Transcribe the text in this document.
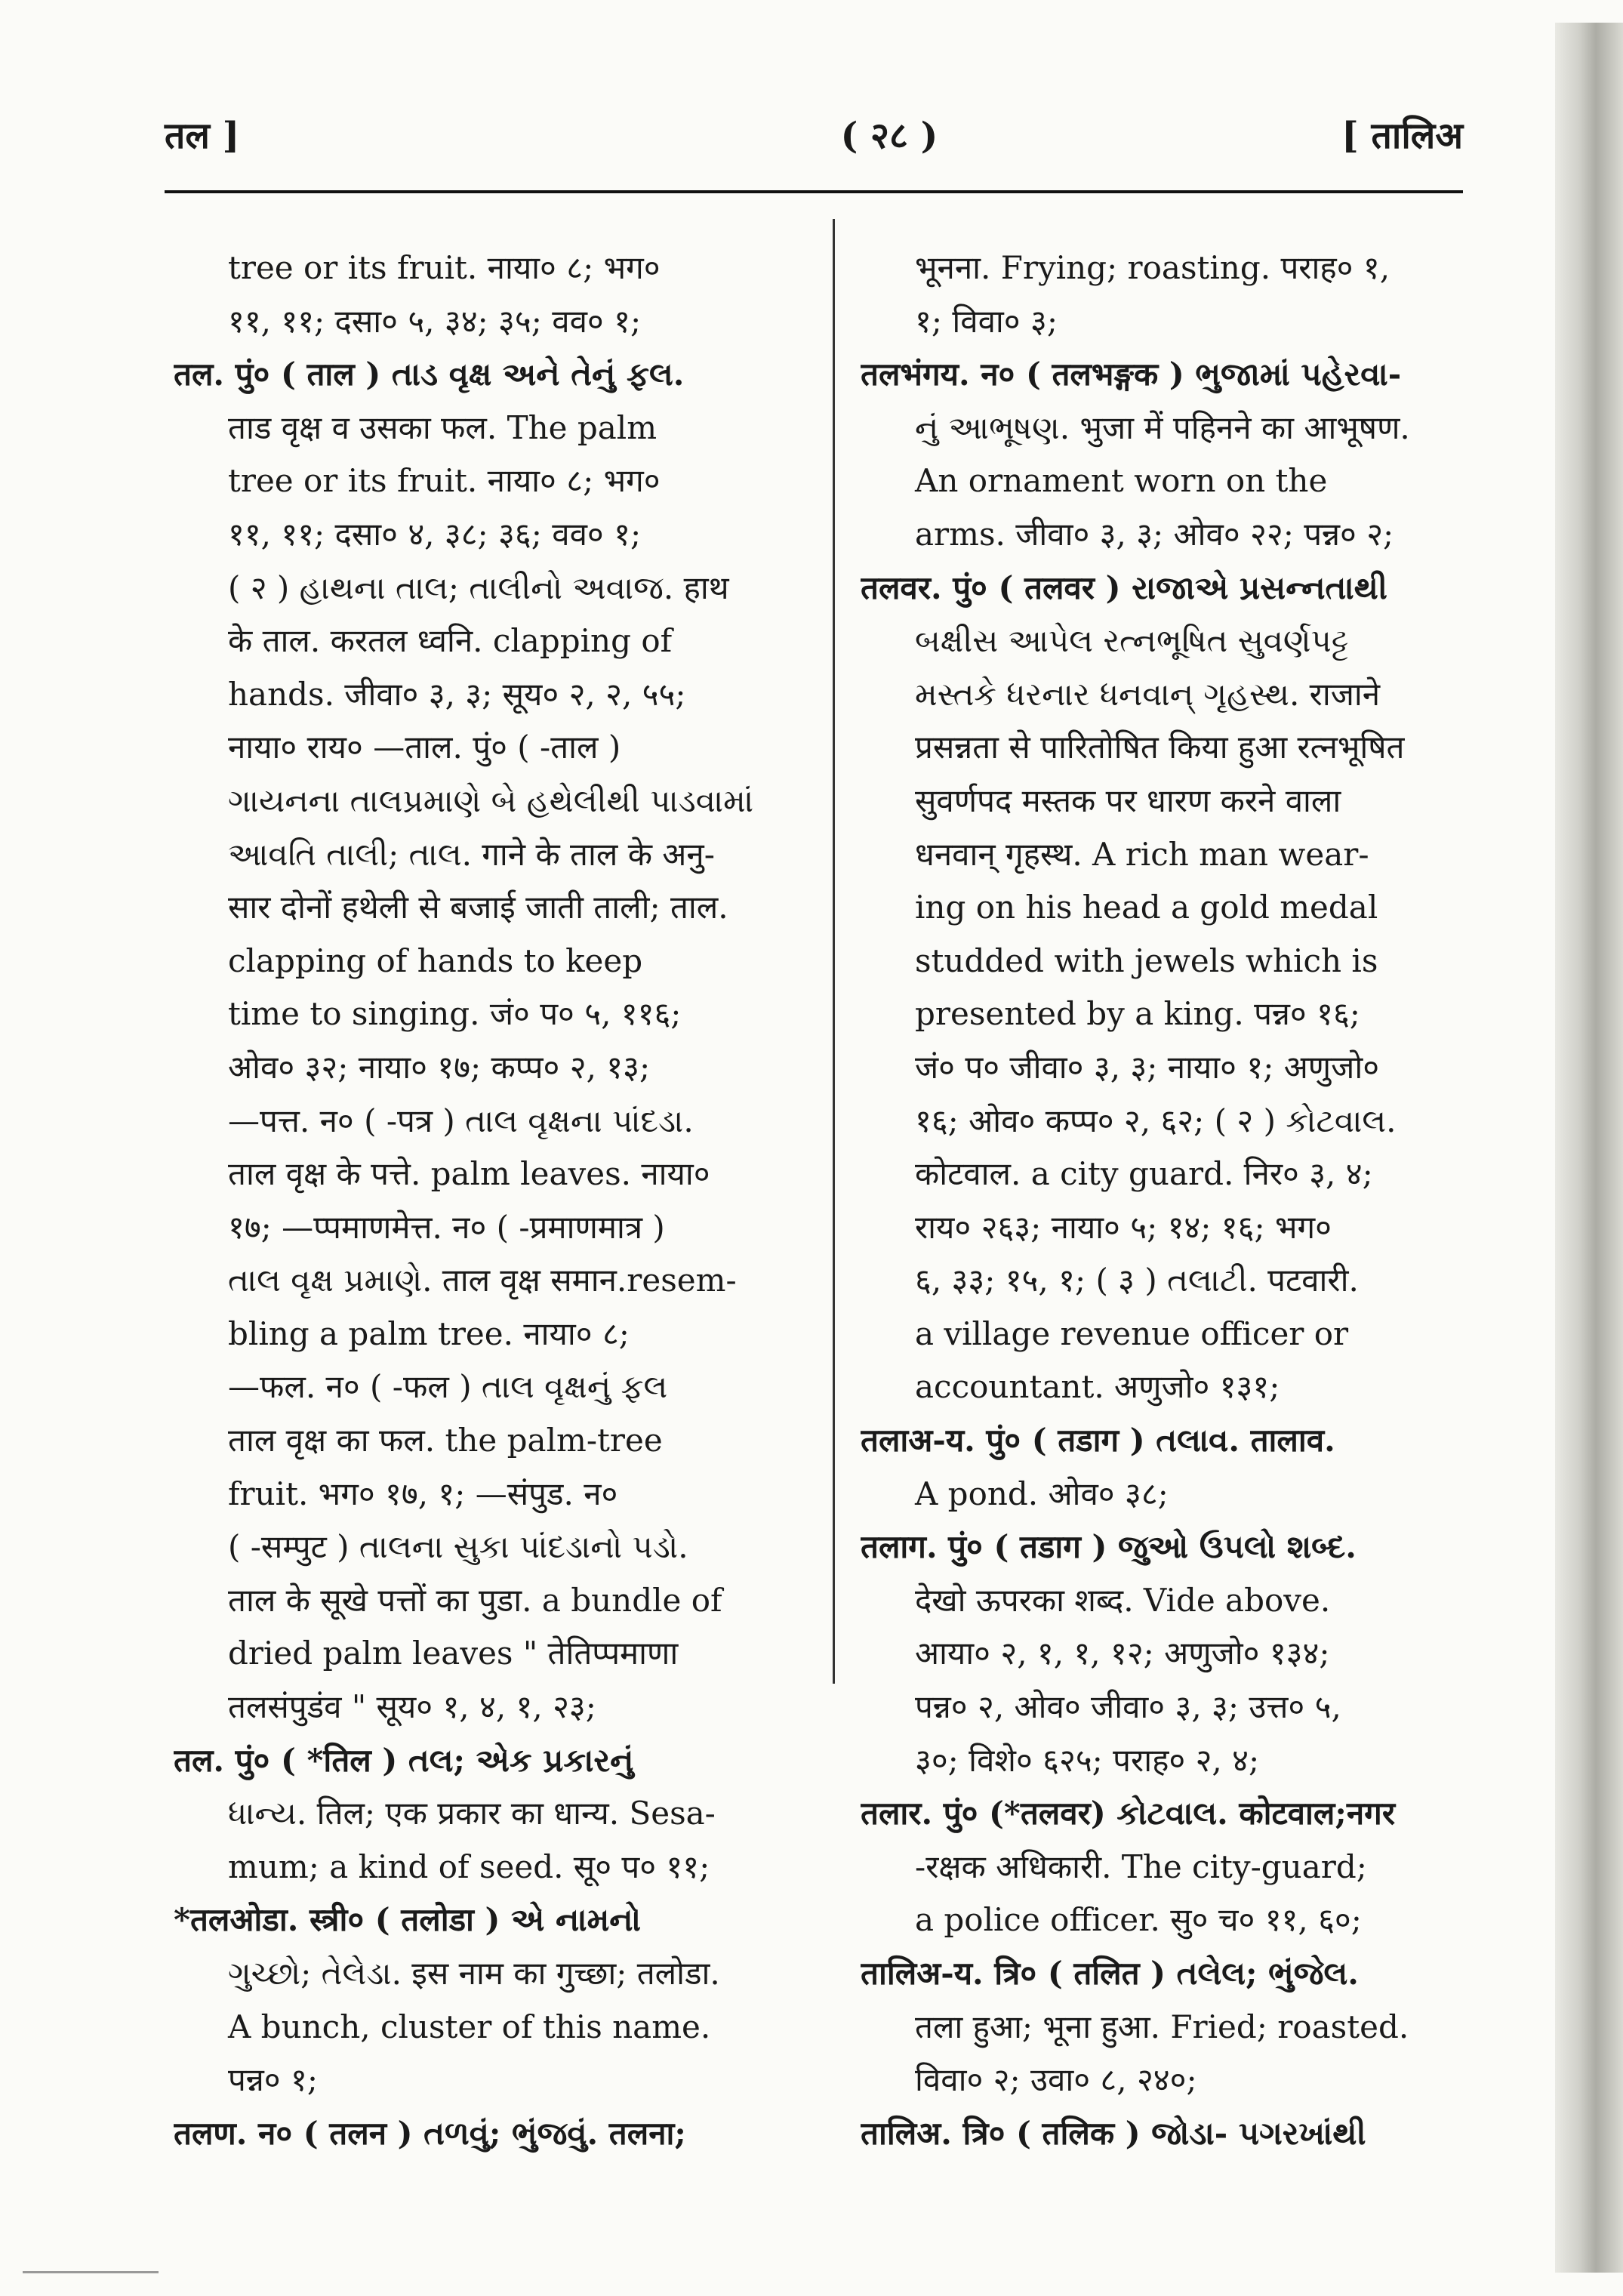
तल ]	( २८ )	[ तालिअ
tree or its fruit. नाया० ८; भग०
११, ११; दसा० ५, ३४; ३५; वव० १;
तल. पुं० ( ताल ) તાડ વૃક્ષ અને તેનું ફલ.
ताड वृक्ष व उसका फल. The palm
tree or its fruit. नाया० ८; भग०
११, ११; दसा० ४, ३८; ३६; वव० १;
( २ ) હાથના તાલ; તાલીનો અવાજ. हाथ
के ताल. करतल ध्वनि. clapping of
hands. जीवा० ३, ३; सूय० २, २, ५५;
नाया० राय० —ताल. पुं० ( -ताल )
ગાયનના તાલપ્રમાણે બે હથેલીથી પાડવામાં
આવતિ તાલી; તાલ. गाने के ताल के अनु-
सार दोनों हथेली से बजाई जाती ताली; ताल.
clapping of hands to keep
time to singing. जं० प० ५, ११६;
ओव० ३२; नाया० १७; कप्प० २, १३;
—पत्त. न० ( -पत्र ) તાલ વૃક્ષના પાંદડા.
ताल वृक्ष के पत्ते. palm leaves. नाया०
१७; —प्पमाणमेत्त. न० ( -प्रमाणमात्र )
તાલ વૃક્ષ પ્રમાણે. ताल वृक्ष समान.resem-
bling a palm tree. नाया० ८;
—फल. न० ( -फल ) તાલ વૃક્ષનું ફલ
ताल वृक्ष का फल. the palm-tree
fruit. भग० १७, १; —संपुड. न०
( -सम्पुट ) તાલના સુકા પાંદડાનો પડો.
ताल के सूखे पत्तों का पुडा. a bundle of
dried palm leaves " तेतिप्पमाणा
तलसंपुडंव " सूय० १, ४, १, २३;
तल. पुं० ( *तिल ) તલ; એક પ્રકારનું
ધાન્ય. तिल; एक प्रकार का धान्य. Sesa-
mum; a kind of seed. सू० प० ११;
*तलओडा. स्त्री० ( तलोडा ) એ નામનો
ગુચ્છો; તેલેડા. इस नाम का गुच्छा; तलोडा.
A bunch, cluster of this name.
पन्न० १;
तलण. न० ( तलन ) તળવું; ભુંજવું. तलना;
भूनना. Frying; roasting. पराह० १,
१; विवा० ३;
तलभंगय. न० ( तलभङ्गक ) ભુજામાં પહેરવા-
નું આભૂષણ. भुजा में पहिनने का आभूषण.
An ornament worn on the
arms. जीवा० ३, ३; ओव० २२; पन्न० २;
तलवर. पुं० ( तलवर ) રાજાએ પ્રસન્નતાથી
બક્ષીસ આપેલ રત્નભૂષિત સુવર્ણપટ્ટ
મસ્તકે ધરનાર ધનવાન્ ગૃહસ્થ. राजाने
प्रसन्नता से पारितोषित किया हुआ रत्नभूषित
सुवर्णपद मस्तक पर धारण करने वाला
धनवान् गृहस्थ. A rich man wear-
ing on his head a gold medal
studded with jewels which is
presented by a king. पन्न० १६;
जं० प० जीवा० ३, ३; नाया० १; अणुजो०
१६; ओव० कप्प० २, ६२; ( २ ) કોટવાલ.
कोटवाल. a city guard. निर० ३, ४;
राय० २६३; नाया० ५; १४; १६; भग०
६, ३३; १५, १; ( ३ ) તલાટી. पटवारी.
a village revenue officer or
accountant. अणुजो० १३१;
तलाअ-य. पुं० ( तडाग ) તલાવ. तालाव.
A pond. ओव० ३८;
तलाग. पुं० ( तडाग ) જુઓ ઉપલો શબ્દ.
देखो ऊपरका शब्द. Vide above.
आया० २, १, १, १२; अणुजो० १३४;
पन्न० २, ओव० जीवा० ३, ३; उत्त० ५,
३०; विशे० ६२५; पराह० २, ४;
तलार. पुं० (*तलवर) કોટવાલ. कोटवाल;नगर
-रक्षक अधिकारी. The city-guard;
a police officer. सु० च० ११, ६०;
तालिअ-य. त्रि० ( तलित ) તલેલ; ભુંજેલ.
तला हुआ; भूना हुआ. Fried; roasted.
विवा० २; उवा० ८, २४०;
तालिअ. त्रि० ( तलिक ) જોડા- પગરખાંથી
